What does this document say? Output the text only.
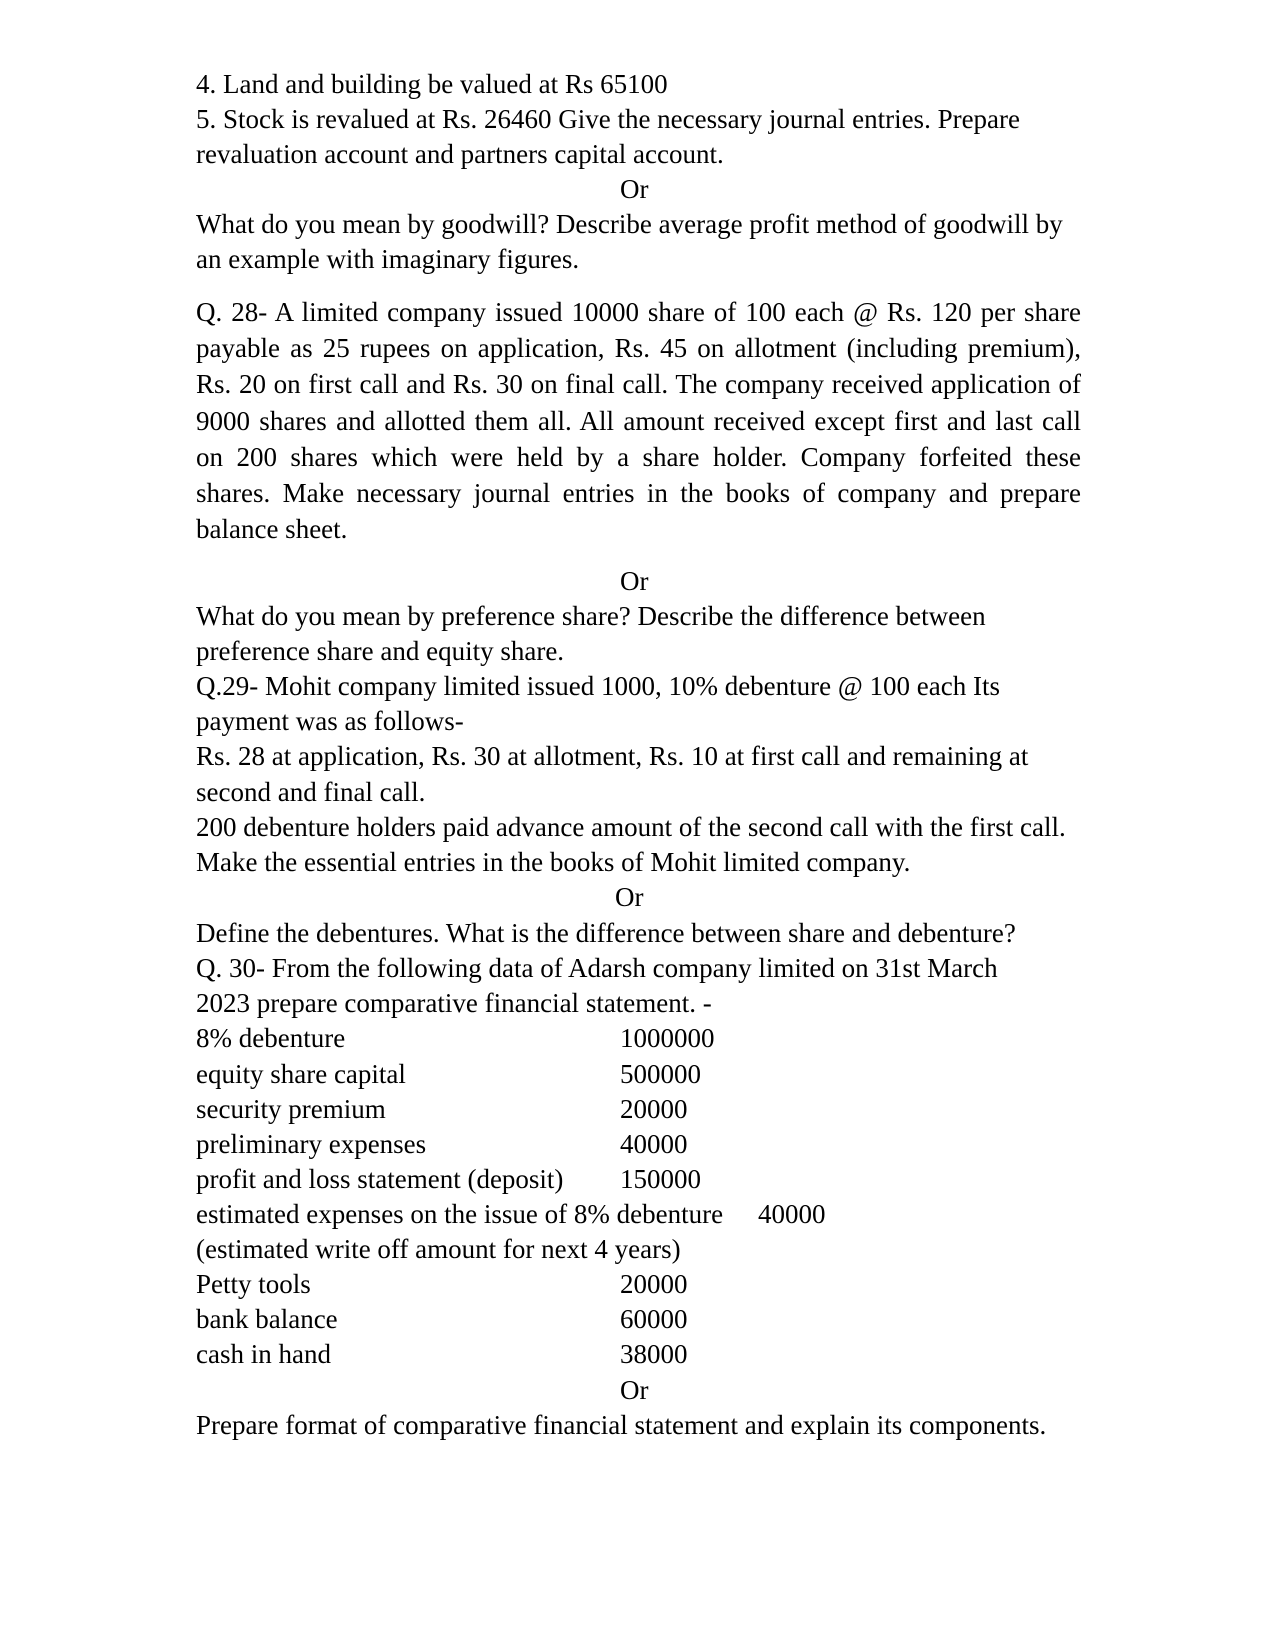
4. Land and building be valued at Rs 65100
5. Stock is revalued at Rs. 26460 Give the necessary journal entries. Prepare
revaluation account and partners capital account.
Or
What do you mean by goodwill? Describe average profit method of goodwill by
an example with imaginary figures.
Q. 28- A limited company issued 10000 share of 100 each @ Rs. 120 per share payable as 25 rupees on application, Rs. 45 on allotment (including premium), Rs. 20 on first call and Rs. 30 on final call. The company received application of 9000 shares and allotted them all. All amount received except first and last call on 200 shares which were held by a share holder. Company forfeited these shares. Make necessary journal entries in the books of company and prepare balance sheet.
Or
What do you mean by preference share? Describe the difference between
preference share and equity share.
Q.29- Mohit company limited issued 1000, 10% debenture @ 100 each Its
payment was as follows-
Rs. 28 at application, Rs. 30 at allotment, Rs. 10 at first call and remaining at
second and final call.
200 debenture holders paid advance amount of the second call with the first call.
Make the essential entries in the books of Mohit limited company.
Or
Define the debentures. What is the difference between share and debenture?
Q. 30- From the following data of Adarsh company limited on 31st March
2023 prepare comparative financial statement. -
8% debenture	1000000
equity share capital	500000
security premium	20000
preliminary expenses	40000
profit and loss statement (deposit) 150000
estimated expenses on the issue of 8% debenture 40000
(estimated write off amount for next 4 years)
Petty tools	20000
bank balance	60000
cash in hand	38000
Or
Prepare format of comparative financial statement and explain its components.
